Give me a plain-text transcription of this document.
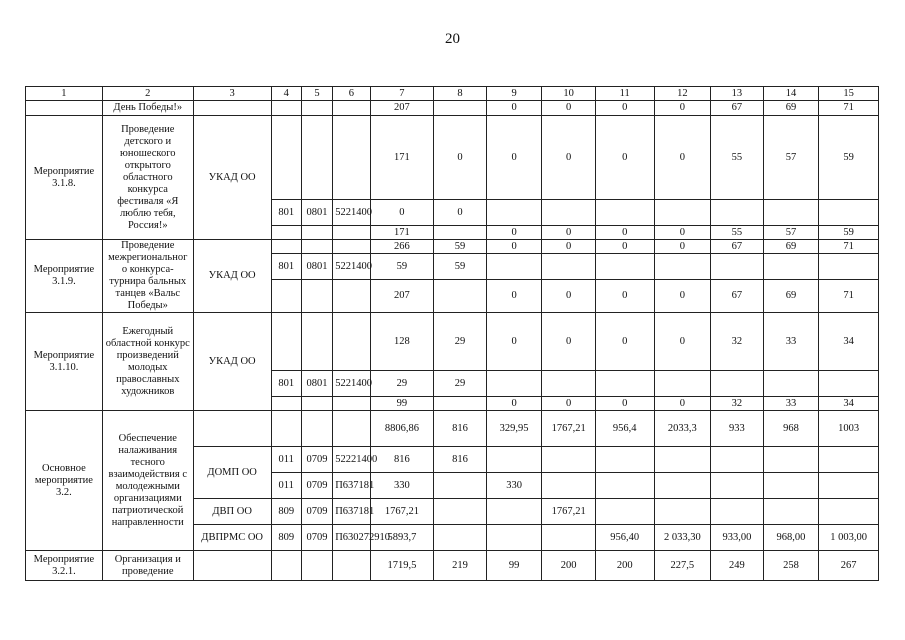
20
1	2	3	4	5	6	7	8	9	10	11	12	13	14	15
	День Победы!»					207		0	0	0	0	67	69	71
Мероприятие 3.1.8.	Проведение детского и юношеского открытого областного конкурса фестиваля «Я люблю тебя, Россия!»	УКАД ОО				171	0	0	0	0	0	55	57	59
			801	0801	5221400	0	0							
						171		0	0	0	0	55	57	59
Мероприятие 3.1.9.	Проведение межрегиональног о конкурса-турнира бальных танцев «Вальс Победы»	УКАД ОО				266	59	0	0	0	0	67	69	71
			801	0801	5221400	59	59							
						207		0	0	0	0	67	69	71
Мероприятие 3.1.10.	Ежегодный областной конкурс произведений молодых православных художников	УКАД ОО				128	29	0	0	0	0	32	33	34
			801	0801	5221400	29	29							
						99		0	0	0	0	32	33	34
Основное мероприятие 3.2.	Обеспечение налаживания тесного взаимодействия с молодежными организациями патриотической направленности					8806,86	816	329,95	1767,21	956,4	2033,3	933	968	1003
		ДОМП ОО	011	0709	52221400	816	816							
			011	0709	П637181	330		330						
		ДВП ОО	809	0709	П637181	1767,21			1767,21					
		ДВПРМС ОО	809	0709	П630272910	5893,7				956,40	2 033,30	933,00	968,00	1 003,00
Мероприятие 3.2.1.	Организация и проведение					1719,5	219	99	200	200	227,5	249	258	267
